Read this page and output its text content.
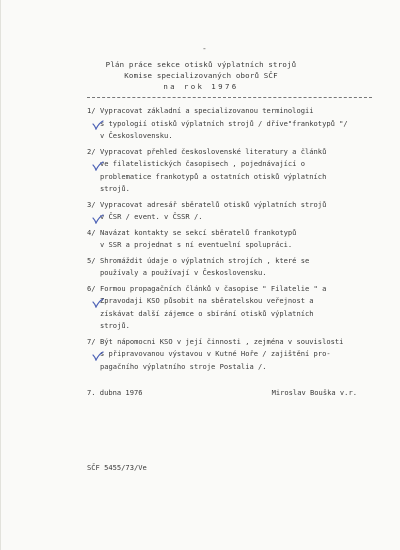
-
Plán práce sekce otisků výplatních strojů
Komise specializovaných oborů SČF
na rok 1976
1/ Vypracovat základní a specializovanou terminologii
s typologií otisků výplatních strojů / dříve"frankotypů "/
v Československu.
2/ Vypracovat přehled československé literatury a článků
ve filatelistických časopisech , pojednávající o
problematice frankotypů a ostatních otisků výplatních
strojů.
3/ Vypracovat adresář sběratelů otisků výplatních strojů
v ČSR / event. v ČSSR /.
4/ Navázat kontakty se sekcí sběratelů frankotypů
v SSR a projednat s ní eventuelní spolupráci.
5/ Shromáždit údaje o výplatních strojích , které se
používaly a používají v Československu.
6/ Formou propagačních článků v časopise " Filatelie " a
Zpravodaji KSO působit na sběratelskou veřejnost a
získávat další zájemce o sbírání otisků výplatních
strojů.
7/ Být nápomocni KSO v její činnosti , zejména v souvislosti
s připravovanou výstavou v Kutné Hoře / zajištění pro-
pagačního výplatního stroje Postalia /.
7. dubna 1976	Miroslav Bouška v.r.
SČF 5455/73/Ve
